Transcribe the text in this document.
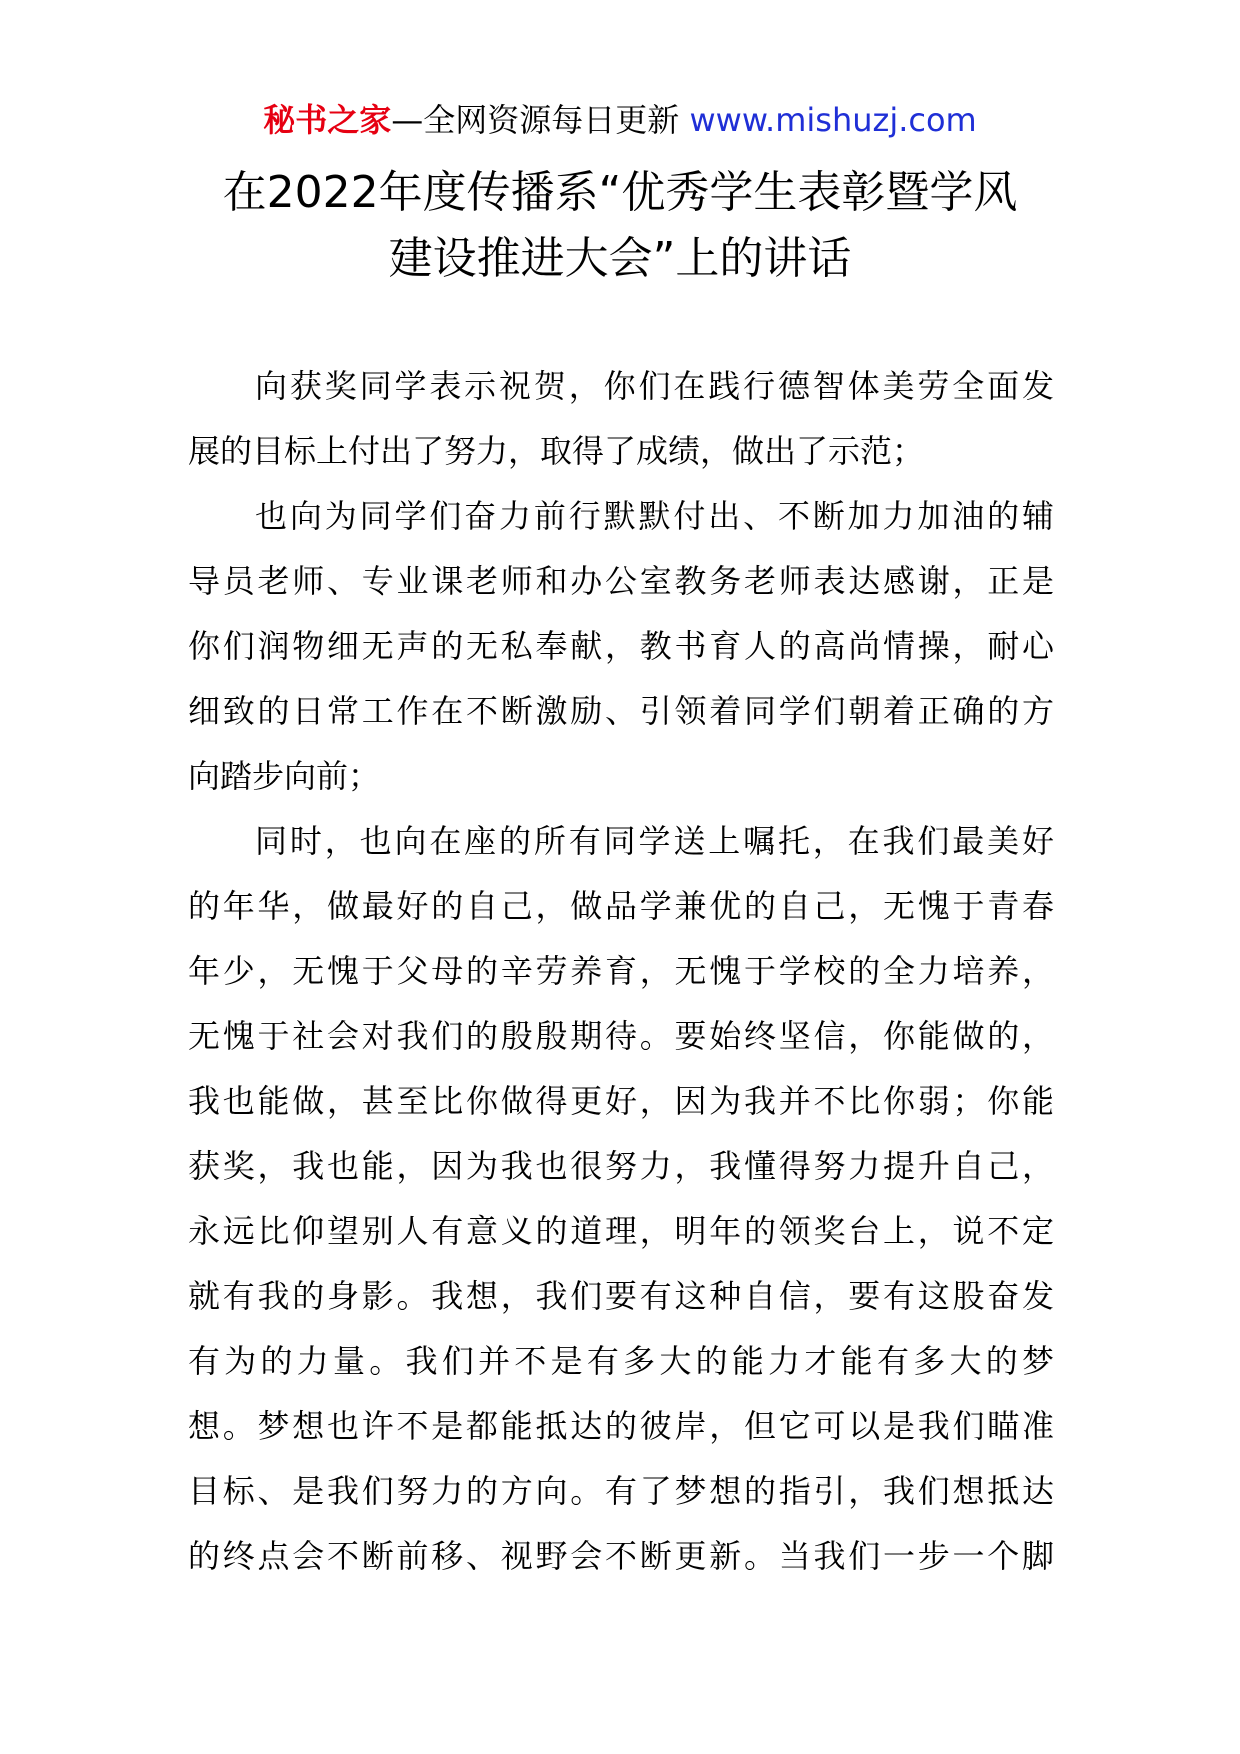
秘书之家—全网资源每日更新 www.mishuzj.com
在2022年度传播系“优秀学生表彰暨学风
建设推进大会”上的讲话
向获奖同学表示祝贺，你们在践行德智体美劳全面发
展的目标上付出了努力，取得了成绩，做出了示范；
也向为同学们奋力前行默默付出、不断加力加油的辅
导员老师、专业课老师和办公室教务老师表达感谢，正是
你们润物细无声的无私奉献，教书育人的高尚情操，耐心
细致的日常工作在不断激励、引领着同学们朝着正确的方
向踏步向前；
同时，也向在座的所有同学送上嘱托，在我们最美好
的年华，做最好的自己，做品学兼优的自己，无愧于青春
年少，无愧于父母的辛劳养育，无愧于学校的全力培养，
无愧于社会对我们的殷殷期待。要始终坚信，你能做的，
我也能做，甚至比你做得更好，因为我并不比你弱；你能
获奖，我也能，因为我也很努力，我懂得努力提升自己，
永远比仰望别人有意义的道理，明年的领奖台上，说不定
就有我的身影。我想，我们要有这种自信，要有这股奋发
有为的力量。我们并不是有多大的能力才能有多大的梦
想。梦想也许不是都能抵达的彼岸，但它可以是我们瞄准
目标、是我们努力的方向。有了梦想的指引，我们想抵达
的终点会不断前移、视野会不断更新。当我们一步一个脚
